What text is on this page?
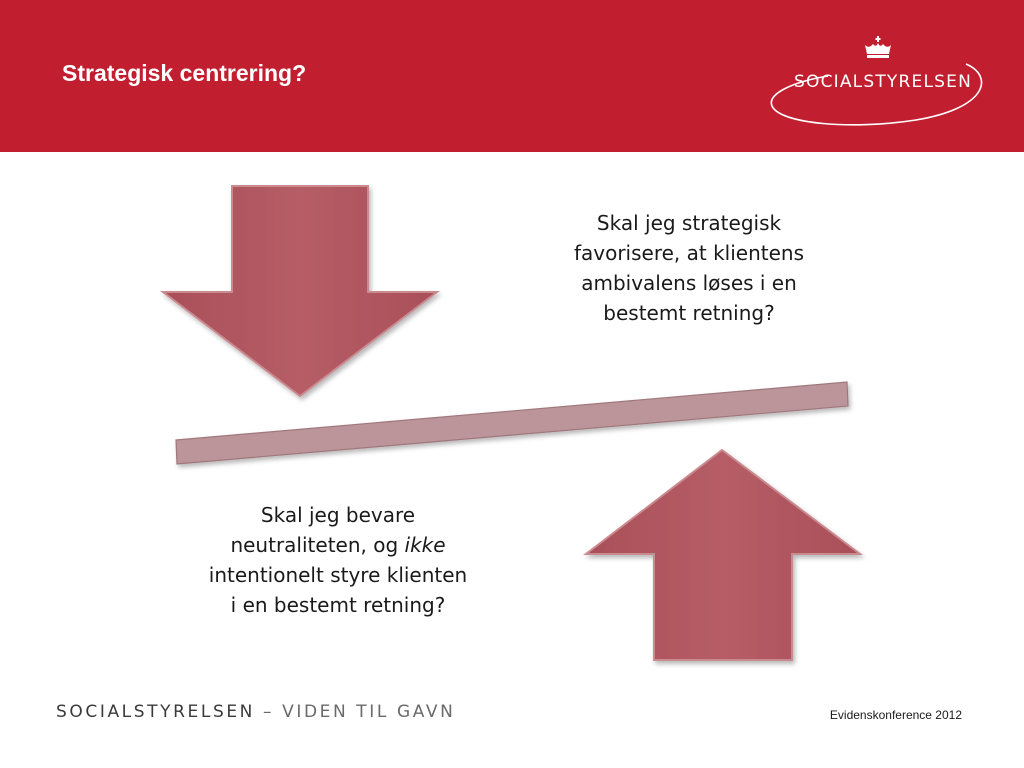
Strategisk centrering?	SOCIALSTYRELSEN
Skal jeg strategisk favorisere, at klientens ambivalens løses i en bestemt retning?
Skal jeg bevare neutraliteten, og ikke intentionelt styre klienten i en bestemt retning?
SOCIALSTYRELSEN – VIDEN TIL GAVN	Evidenskonference 2012
